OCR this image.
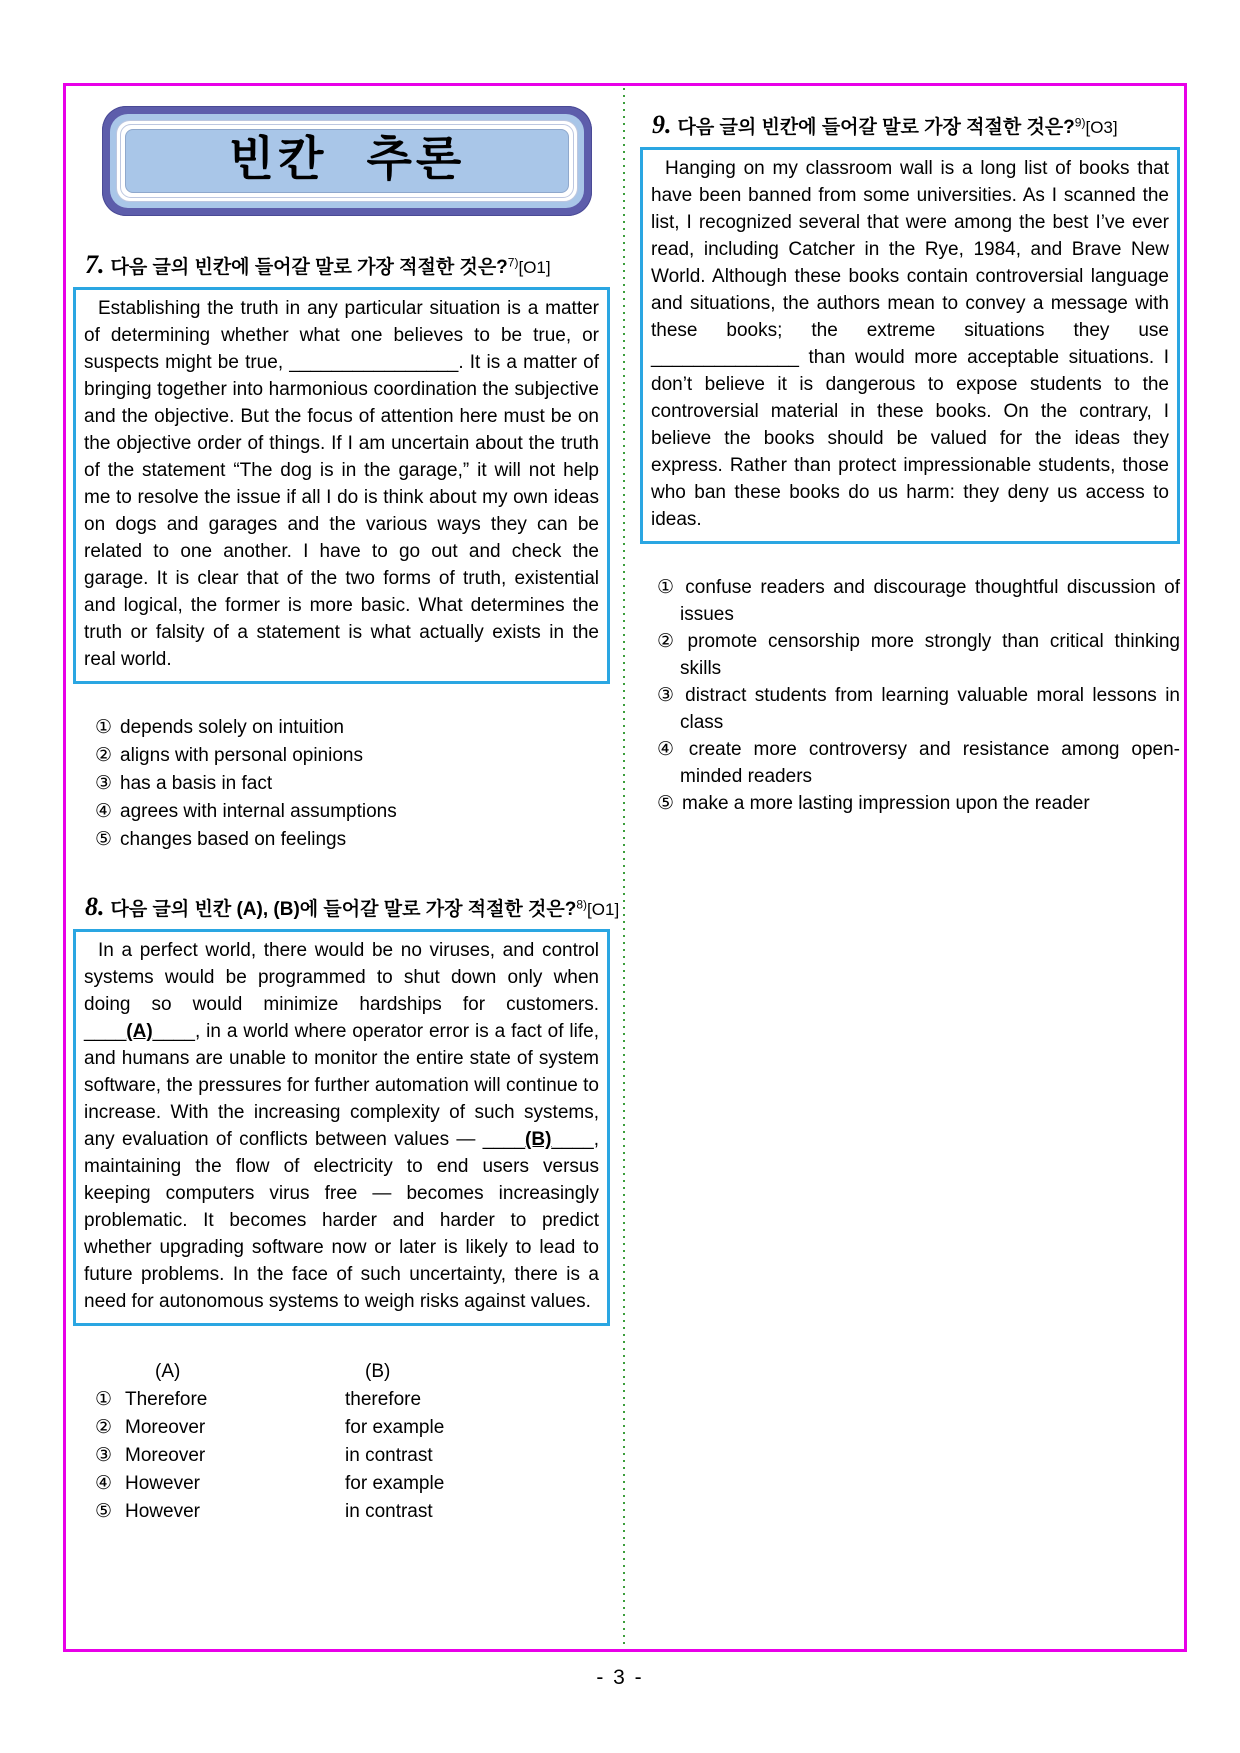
빈칸 추론
7. 다음 글의 빈칸에 들어갈 말로 가장 적절한 것은?$^{7)}$[O1]

Establishing the truth in any particular situation is a matter of determining whether what one believes to be true, or suspects might be true, ________________. It is a matter of bringing together into harmonious coordination the subjective and the objective. But the focus of attention here must be on the objective order of things. If I am uncertain about the truth of the statement “The dog is in the garage,” it will not help me to resolve the issue if all I do is think about my own ideas on dogs and garages and the various ways they can be related to one another. I have to go out and check the garage. It is clear that of the two forms of truth, existential and logical, the former is more basic. What determines the truth or falsity of a statement is what actually exists in the real world.

① depends solely on intuition
② aligns with personal opinions
③ has a basis in fact
④ agrees with internal assumptions
⑤ changes based on feelings
8. 다음 글의 빈칸 (A), (B)에 들어갈 말로 가장 적절한 것은?$^{8)}$[O1]

In a perfect world, there would be no viruses, and control systems would be programmed to shut down only when doing so would minimize hardships for customers. ____(A)____, in a world where operator error is a fact of life, and humans are unable to monitor the entire state of system software, the pressures for further automation will continue to increase. With the increasing complexity of such systems, any evaluation of conflicts between values — ____(B)____, maintaining the flow of electricity to end users versus keeping computers virus free — becomes increasingly problematic. It becomes harder and harder to predict whether upgrading software now or later is likely to lead to future problems. In the face of such uncertainty, there is a need for autonomous systems to weigh risks against values.

(A)	(B)
① Therefore	therefore
② Moreover	for example
③ Moreover	in contrast
④ However	for example
⑤ However	in contrast
9. 다음 글의 빈칸에 들어갈 말로 가장 적절한 것은?$^{9)}$[O3]

Hanging on my classroom wall is a long list of books that have been banned from some universities. As I scanned the list, I recognized several that were among the best I’ve ever read, including Catcher in the Rye, 1984, and Brave New World. Although these books contain controversial language and situations, the authors mean to convey a message with these books; the extreme situations they use ______________ than would more acceptable situations. I don’t believe it is dangerous to expose students to the controversial material in these books. On the contrary, I believe the books should be valued for the ideas they express. Rather than protect impressionable students, those who ban these books do us harm: they deny us access to ideas.

① confuse readers and discourage thoughtful discussion of issues
② promote censorship more strongly than critical thinking skills
③ distract students from learning valuable moral lessons in class
④ create more controversy and resistance among open-minded readers
⑤ make a more lasting impression upon the reader
- 3 -
